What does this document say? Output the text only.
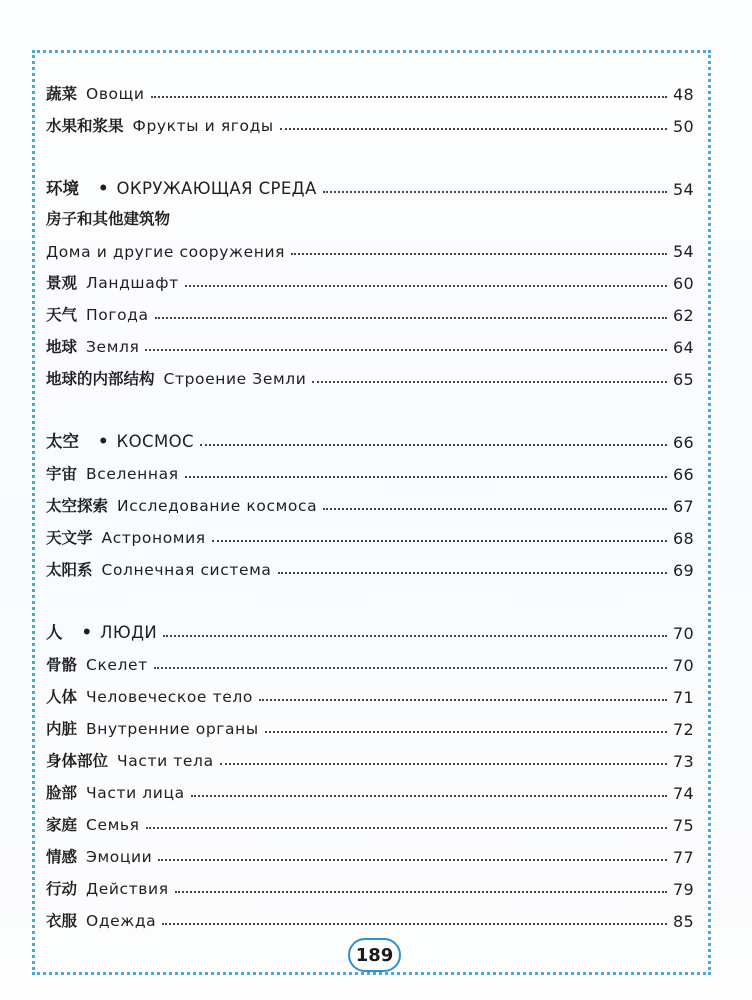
蔬菜 Овощи	48
水果和浆果 Фрукты и ягоды	50
环境 • ОКРУЖАЮЩАЯ СРЕДА	54
房子和其他建筑物
Дома и другие сооружения	54
景观 Ландшафт	60
天气 Погода	62
地球 Земля	64
地球的内部结构 Строение Земли	65
太空 • КОСМОС	66
宇宙 Вселенная	66
太空探索 Исследование космоса	67
天文学 Астрономия	68
太阳系 Солнечная система	69
人 • ЛЮДИ	70
骨骼 Скелет	70
人体 Человеческое тело	71
内脏 Внутренние органы	72
身体部位 Части тела	73
脸部 Части лица	74
家庭 Семья	75
情感 Эмоции	77
行动 Действия	79
衣服 Одежда	85
189
